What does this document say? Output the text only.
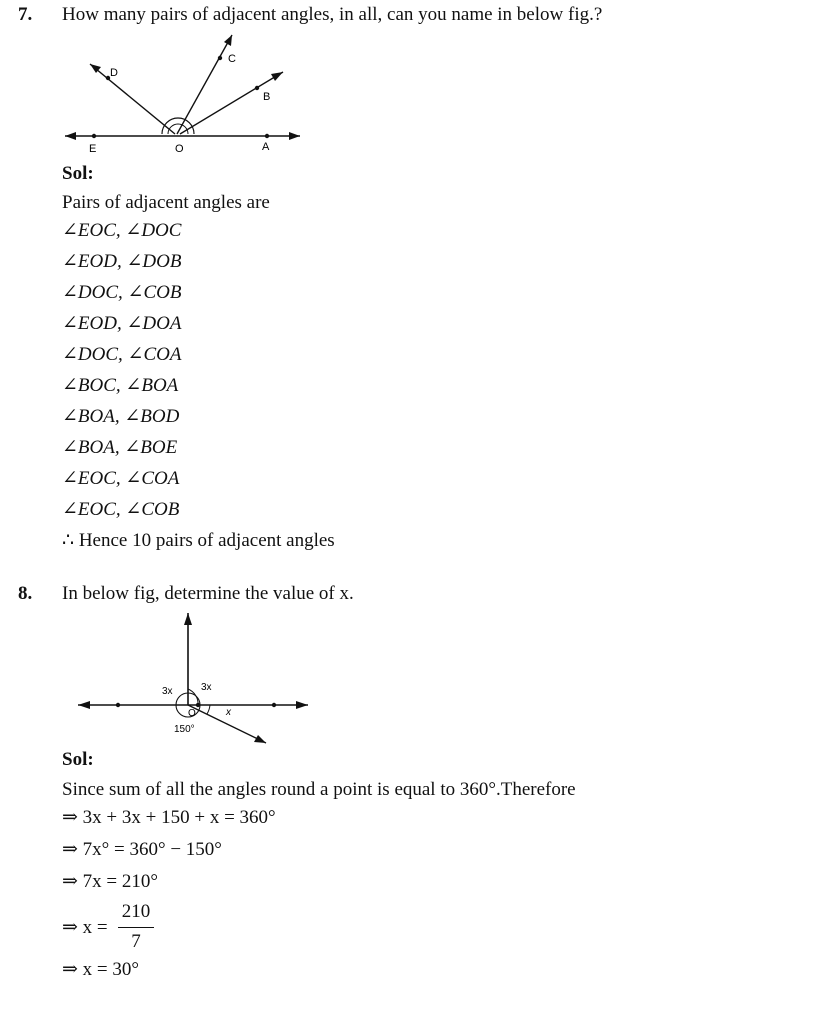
7. How many pairs of adjacent angles, in all, can you name in below fig.?
D
C
B
E	O	A
Sol:
Pairs of adjacent angles are
∠EOC, ∠DOC
∠EOD, ∠DOB
∠DOC, ∠COB
∠EOD, ∠DOA
∠DOC, ∠COA
∠BOC, ∠BOA
∠BOA, ∠BOD
∠BOA, ∠BOE
∠EOC, ∠COA
∠EOC, ∠COB
∴ Hence 10 pairs of adjacent angles
8. In below fig, determine the value of x.
3x	3x
O	x
150°
Sol:
Since sum of all the angles round a point is equal to 360°.Therefore
⇒ 3x + 3x + 150 + x = 360°
⇒ 7x° = 360° − 150°
⇒ 7x = 210°
⇒ x =
210
7
⇒ x = 30°
